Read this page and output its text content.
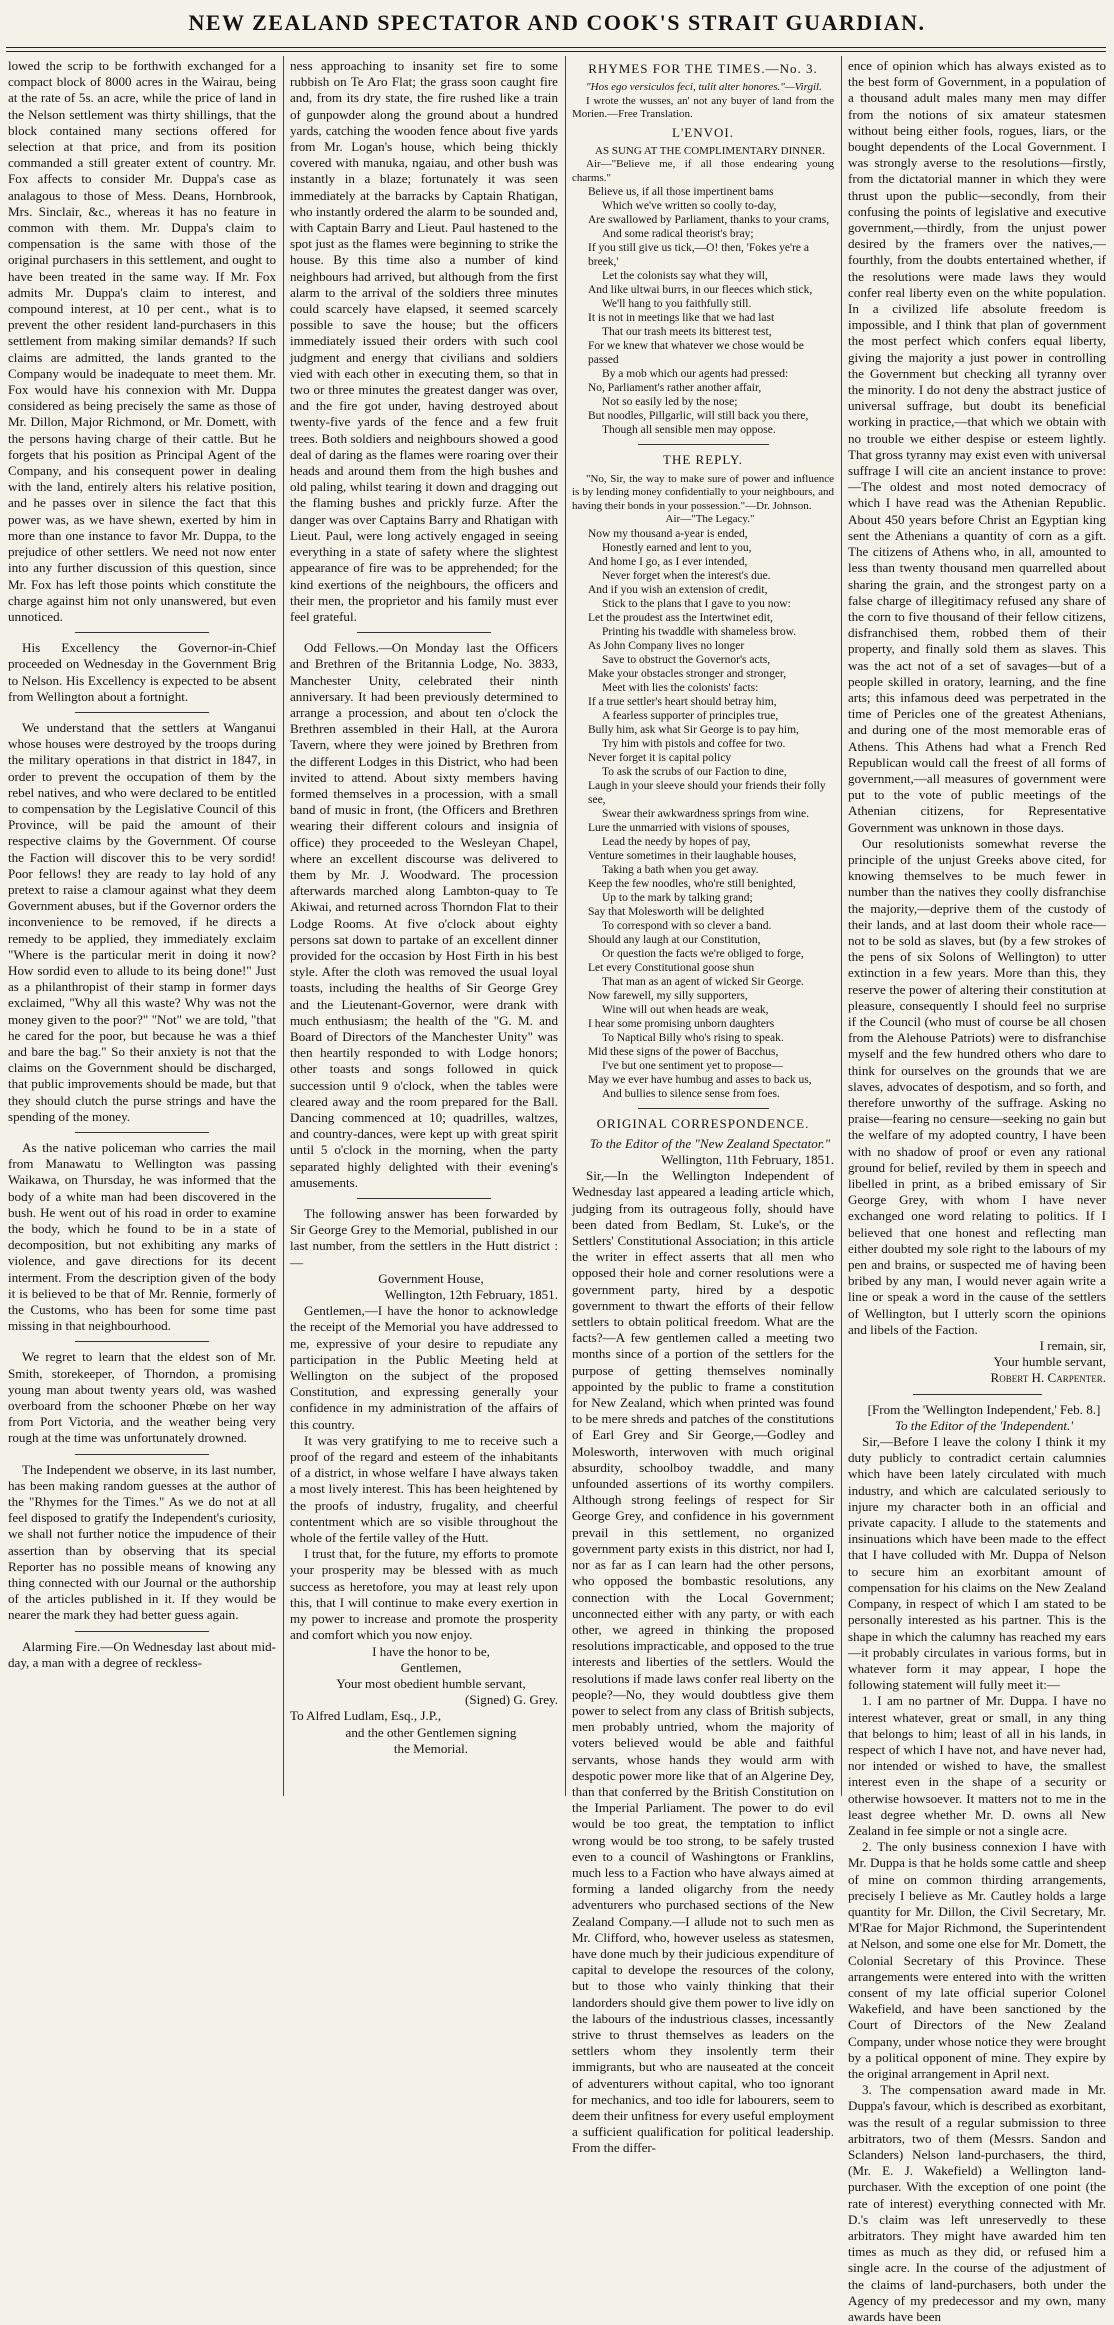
NEW ZEALAND SPECTATOR AND COOK'S STRAIT GUARDIAN.

lowed the scrip to be forthwith exchanged for a compact block of 8000 acres in the Wairau, being at the rate of 5s. an acre, while the price of land in the Nelson settlement was thirty shillings, that the block contained many sections offered for selection at that price, and from its position commanded a still greater extent of country. Mr. Fox affects to consider Mr. Duppa's case as analagous to those of Mess. Deans, Hornbrook, Mrs. Sinclair, &c., whereas it has no feature in common with them. Mr. Duppa's claim to compensation is the same with those of the original purchasers in this settlement, and ought to have been treated in the same way. If Mr. Fox admits Mr. Duppa's claim to interest, and compound interest, at 10 per cent., what is to prevent the other resident land-purchasers in this settlement from making similar demands? If such claims are admitted, the lands granted to the Company would be inadequate to meet them. Mr. Fox would have his connexion with Mr. Duppa considered as being precisely the same as those of Mr. Dillon, Major Richmond, or Mr. Domett, with the persons having charge of their cattle. But he forgets that his position as Principal Agent of the Company, and his consequent power in dealing with the land, entirely alters his relative position, and he passes over in silence the fact that this power was, as we have shewn, exerted by him in more than one instance to favor Mr. Duppa, to the prejudice of other settlers. We need not now enter into any further discussion of this question, since Mr. Fox has left those points which constitute the charge against him not only unanswered, but even unnoticed.

His Excellency the Governor-in-Chief proceeded on Wednesday in the Government Brig to Nelson. His Excellency is expected to be absent from Wellington about a fortnight.

We understand that the settlers at Wanganui whose houses were destroyed by the troops during the military operations in that district in 1847, in order to prevent the occupation of them by the rebel natives, and who were declared to be entitled to compensation by the Legislative Council of this Province, will be paid the amount of their respective claims by the Government. Of course the Faction will discover this to be very sordid! Poor fellows! they are ready to lay hold of any pretext to raise a clamour against what they deem Government abuses, but if the Governor orders the inconvenience to be removed, if he directs a remedy to be applied, they immediately exclaim "Where is the particular merit in doing it now? How sordid even to allude to its being done!" Just as a philanthropist of their stamp in former days exclaimed, "Why all this waste? Why was not the money given to the poor?" "Not" we are told, "that he cared for the poor, but because he was a thief and bare the bag." So their anxiety is not that the claims on the Government should be discharged, that public improvements should be made, but that they should clutch the purse strings and have the spending of the money.

As the native policeman who carries the mail from Manawatu to Wellington was passing Waikawa, on Thursday, he was informed that the body of a white man had been discovered in the bush. He went out of his road in order to examine the body, which he found to be in a state of decomposition, but not exhibiting any marks of violence, and gave directions for its decent interment. From the description given of the body it is believed to be that of Mr. Rennie, formerly of the Customs, who has been for some time past missing in that neighbourhood.

We regret to learn that the eldest son of Mr. Smith, storekeeper, of Thorndon, a promising young man about twenty years old, was washed overboard from the schooner Phœbe on her way from Port Victoria, and the weather being very rough at the time was unfortunately drowned.

The Independent we observe, in its last number, has been making random guesses at the author of the "Rhymes for the Times." As we do not at all feel disposed to gratify the Independent's curiosity, we shall not further notice the impudence of their assertion than by observing that its special Reporter has no possible means of knowing any thing connected with our Journal or the authorship of the articles published in it. If they would be nearer the mark they had better guess again.

Alarming Fire.—On Wednesday last about mid-day, a man with a degree of reckless-

ness approaching to insanity set fire to some rubbish on Te Aro Flat; the grass soon caught fire and, from its dry state, the fire rushed like a train of gunpowder along the ground about a hundred yards, catching the wooden fence about five yards from Mr. Logan's house, which being thickly covered with manuka, ngaiau, and other bush was instantly in a blaze; fortunately it was seen immediately at the barracks by Captain Rhatigan, who instantly ordered the alarm to be sounded and, with Captain Barry and Lieut. Paul hastened to the spot just as the flames were beginning to strike the house. By this time also a number of kind neighbours had arrived, but although from the first alarm to the arrival of the soldiers three minutes could scarcely have elapsed, it seemed scarcely possible to save the house; but the officers immediately issued their orders with such cool judgment and energy that civilians and soldiers vied with each other in executing them, so that in two or three minutes the greatest danger was over, and the fire got under, having destroyed about twenty-five yards of the fence and a few fruit trees. Both soldiers and neighbours showed a good deal of daring as the flames were roaring over their heads and around them from the high bushes and old paling, whilst tearing it down and dragging out the flaming bushes and prickly furze. After the danger was over Captains Barry and Rhatigan with Lieut. Paul, were long actively engaged in seeing everything in a state of safety where the slightest appearance of fire was to be apprehended; for the kind exertions of the neighbours, the officers and their men, the proprietor and his family must ever feel grateful.

Odd Fellows.—On Monday last the Officers and Brethren of the Britannia Lodge, No. 3833, Manchester Unity, celebrated their ninth anniversary. It had been previously determined to arrange a procession, and about ten o'clock the Brethren assembled in their Hall, at the Aurora Tavern, where they were joined by Brethren from the different Lodges in this District, who had been invited to attend. About sixty members having formed themselves in a procession, with a small band of music in front, (the Officers and Brethren wearing their different colours and insignia of office) they proceeded to the Wesleyan Chapel, where an excellent discourse was delivered to them by Mr. J. Woodward. The procession afterwards marched along Lambton-quay to Te Akiwai, and returned across Thorndon Flat to their Lodge Rooms. At five o'clock about eighty persons sat down to partake of an excellent dinner provided for the occasion by Host Firth in his best style. After the cloth was removed the usual loyal toasts, including the healths of Sir George Grey and the Lieutenant-Governor, were drank with much enthusiasm; the health of the "G. M. and Board of Directors of the Manchester Unity" was then heartily responded to with Lodge honors; other toasts and songs followed in quick succession until 9 o'clock, when the tables were cleared away and the room prepared for the Ball. Dancing commenced at 10; quadrilles, waltzes, and country-dances, were kept up with great spirit until 5 o'clock in the morning, when the party separated highly delighted with their evening's amusements.

The following answer has been forwarded by Sir George Grey to the Memorial, published in our last number, from the settlers in the Hutt district :—

Government House,

Wellington, 12th February, 1851.

Gentlemen,—I have the honor to acknowledge the receipt of the Memorial you have addressed to me, expressive of your desire to repudiate any participation in the Public Meeting held at Wellington on the subject of the proposed Constitution, and expressing generally your confidence in my administration of the affairs of this country.

It was very gratifying to me to receive such a proof of the regard and esteem of the inhabitants of a district, in whose welfare I have always taken a most lively interest. This has been heightened by the proofs of industry, frugality, and cheerful contentment which are so visible throughout the whole of the fertile valley of the Hutt.

I trust that, for the future, my efforts to promote your prosperity may be blessed with as much success as heretofore, you may at least rely upon this, that I will continue to make every exertion in my power to increase and promote the prosperity and comfort which you now enjoy.

I have the honor to be,

Gentlemen,

Your most obedient humble servant,

(Signed) G. Grey.

To Alfred Ludlam, Esq., J.P.,

and the other Gentlemen signing

the Memorial.

RHYMES FOR THE TIMES.—No. 3.

"Hos ego versiculos feci, tulit alter honores."—Virgil.

I wrote the wusses, an' not any buyer of land from the Morien.—Free Translation.

L'ENVOI.

AS SUNG AT THE COMPLIMENTARY DINNER.

Air—"Believe me, if all those endearing young charms."

Believe us, if all those impertinent bams
Which we've written so coolly to-day,
Are swallowed by Parliament, thanks to your crams,
And some radical theorist's bray;
If you still give us tick,—O! then, 'Fokes ye're a breek,'
Let the colonists say what they will,
And like ultwai burrs, in our fleeces which stick,
We'll hang to you faithfully still.
It is not in meetings like that we had last
That our trash meets its bitterest test,
For we knew that whatever we chose would be passed
By a mob which our agents had pressed:
No, Parliament's rather another affair,
Not so easily led by the nose;
But noodles, Pillgarlic, will still back you there,
Though all sensible men may oppose.
THE REPLY.

"No, Sir, the way to make sure of power and influence is by lending money confidentially to your neighbours, and having their bonds in your possession."—Dr. Johnson.

Air—"The Legacy."

Now my thousand a-year is ended,
Honestly earned and lent to you,
And home I go, as I ever intended,
Never forget when the interest's due.
And if you wish an extension of credit,
Stick to the plans that I gave to you now:
Let the proudest ass the Intertwinet edit,
Printing his twaddle with shameless brow.
As John Company lives no longer
Save to obstruct the Governor's acts,
Make your obstacles stronger and stronger,
Meet with lies the colonists' facts:
If a true settler's heart should betray him,
A fearless supporter of principles true,
Bully him, ask what Sir George is to pay him,
Try him with pistols and coffee for two.
Never forget it is capital policy
To ask the scrubs of our Faction to dine,
Laugh in your sleeve should your friends their folly see,
Swear their awkwardness springs from wine.
Lure the unmarried with visions of spouses,
Lead the needy by hopes of pay,
Venture sometimes in their laughable houses,
Taking a bath when you get away.
Keep the few noodles, who're still benighted,
Up to the mark by talking grand;
Say that Molesworth will be delighted
To correspond with so clever a band.
Should any laugh at our Constitution,
Or question the facts we're obliged to forge,
Let every Constitutional goose shun
That man as an agent of wicked Sir George.
Now farewell, my silly supporters,
Wine will out when heads are weak,
I hear some promising unborn daughters
To Naptical Billy who's rising to speak.
Mid these signs of the power of Bacchus,
I've but one sentiment yet to propose—
May we ever have humbug and asses to back us,
And bullies to silence sense from foes.
ORIGINAL CORRESPONDENCE.

To the Editor of the "New Zealand Spectator."

Wellington, 11th February, 1851.

Sir,—In the Wellington Independent of Wednesday last appeared a leading article which, judging from its outrageous folly, should have been dated from Bedlam, St. Luke's, or the Settlers' Constitutional Association; in this article the writer in effect asserts that all men who opposed their hole and corner resolutions were a government party, hired by a despotic government to thwart the efforts of their fellow settlers to obtain political freedom. What are the facts?—A few gentlemen called a meeting two months since of a portion of the settlers for the purpose of getting themselves nominally appointed by the public to frame a constitution for New Zealand, which when printed was found to be mere shreds and patches of the constitutions of Earl Grey and Sir George,—Godley and Molesworth, interwoven with much original absurdity, schoolboy twaddle, and many unfounded assertions of its worthy compilers. Although strong feelings of respect for Sir George Grey, and confidence in his government prevail in this settlement, no organized government party exists in this district, nor had I, nor as far as I can learn had the other persons, who opposed the bombastic resolutions, any connection with the Local Government; unconnected either with any party, or with each other, we agreed in thinking the proposed resolutions impracticable, and opposed to the true interests and liberties of the settlers. Would the resolutions if made laws confer real liberty on the people?—No, they would doubtless give them power to select from any class of British subjects, men probably untried, whom the majority of voters believed would be able and faithful servants, whose hands they would arm with despotic power more like that of an Algerine Dey, than that conferred by the British Constitution on the Imperial Parliament. The power to do evil would be too great, the temptation to inflict wrong would be too strong, to be safely trusted even to a council of Washingtons or Franklins, much less to a Faction who have always aimed at forming a landed oligarchy from the needy adventurers who purchased sections of the New Zealand Company.—I allude not to such men as Mr. Clifford, who, however useless as statesmen, have done much by their judicious expenditure of capital to develope the resources of the colony, but to those who vainly thinking that their landorders should give them power to live idly on the labours of the industrious classes, incessantly strive to thrust themselves as leaders on the settlers whom they insolently term their immigrants, but who are nauseated at the conceit of adventurers without capital, who too ignorant for mechanics, and too idle for labourers, seem to deem their unfitness for every useful employment a sufficient qualification for political leadership. From the differ-

ence of opinion which has always existed as to the best form of Government, in a population of a thousand adult males many men may differ from the notions of six amateur statesmen without being either fools, rogues, liars, or the bought dependents of the Local Government. I was strongly averse to the resolutions—firstly, from the dictatorial manner in which they were thrust upon the public—secondly, from their confusing the points of legislative and executive government,—thirdly, from the unjust power desired by the framers over the natives,—fourthly, from the doubts entertained whether, if the resolutions were made laws they would confer real liberty even on the white population. In a civilized life absolute freedom is impossible, and I think that plan of government the most perfect which confers equal liberty, giving the majority a just power in controlling the Government but checking all tyranny over the minority. I do not deny the abstract justice of universal suffrage, but doubt its beneficial working in practice,—that which we obtain with no trouble we either despise or esteem lightly. That gross tyranny may exist even with universal suffrage I will cite an ancient instance to prove:—The oldest and most noted democracy of which I have read was the Athenian Republic. About 450 years before Christ an Egyptian king sent the Athenians a quantity of corn as a gift. The citizens of Athens who, in all, amounted to less than twenty thousand men quarrelled about sharing the grain, and the strongest party on a false charge of illegitimacy refused any share of the corn to five thousand of their fellow citizens, disfranchised them, robbed them of their property, and finally sold them as slaves. This was the act not of a set of savages—but of a people skilled in oratory, learning, and the fine arts; this infamous deed was perpetrated in the time of Pericles one of the greatest Athenians, and during one of the most memorable eras of Athens. This Athens had what a French Red Republican would call the freest of all forms of government,—all measures of government were put to the vote of public meetings of the Athenian citizens, for Representative Government was unknown in those days.

Our resolutionists somewhat reverse the principle of the unjust Greeks above cited, for knowing themselves to be much fewer in number than the natives they coolly disfranchise the majority,—deprive them of the custody of their lands, and at last doom their whole race—not to be sold as slaves, but (by a few strokes of the pens of six Solons of Wellington) to utter extinction in a few years. More than this, they reserve the power of altering their constitution at pleasure, consequently I should feel no surprise if the Council (who must of course be all chosen from the Alehouse Patriots) were to disfranchise myself and the few hundred others who dare to think for ourselves on the grounds that we are slaves, advocates of despotism, and so forth, and therefore unworthy of the suffrage. Asking no praise—fearing no censure—seeking no gain but the welfare of my adopted country, I have been with no shadow of proof or even any rational ground for belief, reviled by them in speech and libelled in print, as a bribed emissary of Sir George Grey, with whom I have never exchanged one word relating to politics. If I believed that one honest and reflecting man either doubted my sole right to the labours of my pen and brains, or suspected me of having been bribed by any man, I would never again write a line or speak a word in the cause of the settlers of Wellington, but I utterly scorn the opinions and libels of the Faction.

I remain, sir,

Your humble servant,

Robert H. Carpenter.

[From the 'Wellington Independent,' Feb. 8.]

To the Editor of the 'Independent.'

Sir,—Before I leave the colony I think it my duty publicly to contradict certain calumnies which have been lately circulated with much industry, and which are calculated seriously to injure my character both in an official and private capacity. I allude to the statements and insinuations which have been made to the effect that I have colluded with Mr. Duppa of Nelson to secure him an exorbitant amount of compensation for his claims on the New Zealand Company, in respect of which I am stated to be personally interested as his partner. This is the shape in which the calumny has reached my ears—it probably circulates in various forms, but in whatever form it may appear, I hope the following statement will fully meet it:—

1. I am no partner of Mr. Duppa. I have no interest whatever, great or small, in any thing that belongs to him; least of all in his lands, in respect of which I have not, and have never had, nor intended or wished to have, the smallest interest even in the shape of a security or otherwise howsoever. It matters not to me in the least degree whether Mr. D. owns all New Zealand in fee simple or not a single acre.

2. The only business connexion I have with Mr. Duppa is that he holds some cattle and sheep of mine on common thirding arrangements, precisely I believe as Mr. Cautley holds a large quantity for Mr. Dillon, the Civil Secretary, Mr. M'Rae for Major Richmond, the Superintendent at Nelson, and some one else for Mr. Domett, the Colonial Secretary of this Province. These arrangements were entered into with the written consent of my late official superior Colonel Wakefield, and have been sanctioned by the Court of Directors of the New Zealand Company, under whose notice they were brought by a political opponent of mine. They expire by the original arrangement in April next.

3. The compensation award made in Mr. Duppa's favour, which is described as exorbitant, was the result of a regular submission to three arbitrators, two of them (Messrs. Sandon and Sclanders) Nelson land-purchasers, the third, (Mr. E. J. Wakefield) a Wellington land-purchaser. With the exception of one point (the rate of interest) everything connected with Mr. D.'s claim was left unreservedly to these arbitrators. They might have awarded him ten times as much as they did, or refused him a single acre. In the course of the adjustment of the claims of land-purchasers, both under the Agency of my predecessor and my own, many awards have been
